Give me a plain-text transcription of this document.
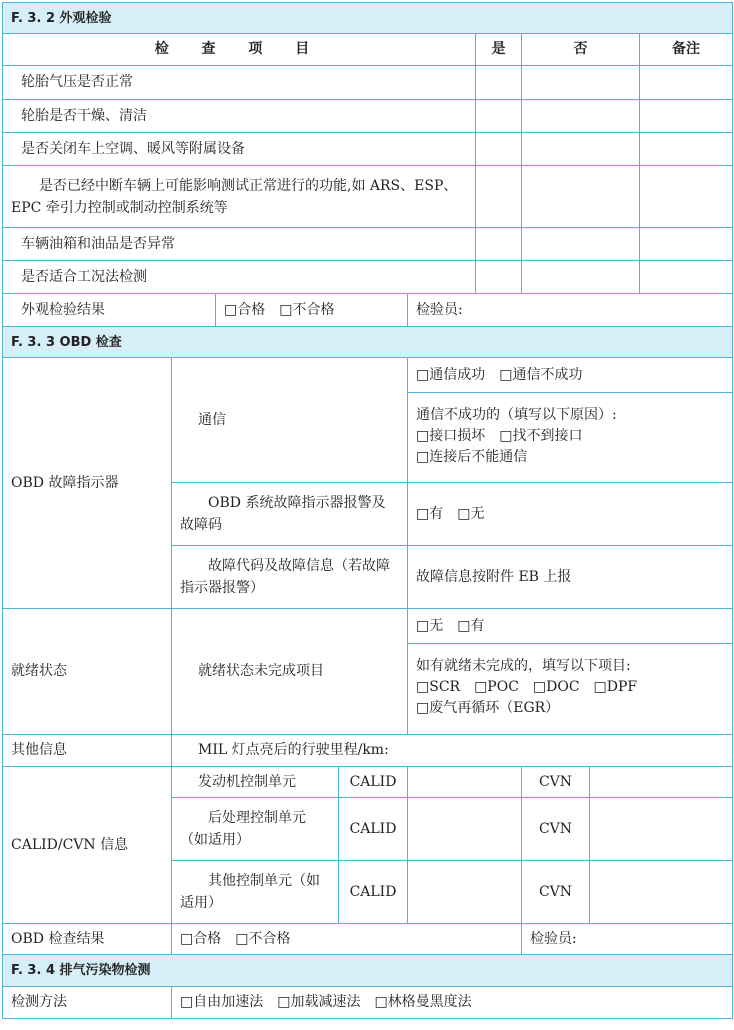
F. 3. 2 外观检验								
检 查 项 目					是	否		备注
轮胎气压是否正常								
轮胎是否干燥、清洁								
是否关闭车上空调、暖风等附属设备								
是否已经中断车辆上可能影响测试正常进行的功能,如 ARS、ESP、EPC 牵引力控制或制动控制系统等								
车辆油箱和油品是否异常								
是否适合工况法检测								
外观检验结果		□合格　□不合格		检验员:				
F. 3. 3 OBD 检查								
OBD 故障指示器	通信			□通信成功　□通信不成功
通信不成功的（填写以下原因）:
□接口损坏　□找不到接口
□连接后不能通信				

	OBD 系统故障指示器报警及故障码			□有　□无				
	故障代码及故障信息（若故障指示器报警）			故障信息按附件 EB 上报				
就绪状态	就绪状态未完成项目			□无　□有
如有就绪未完成的，填写以下项目:
□SCR　□POC　□DOC　□DPF
□废气再循环（EGR）				

其他信息	MIL 灯点亮后的行驶里程/km:							
CALID/CVN 信息	发动机控制单元		CALID			CVN		
	后处理控制单元（如适用）		CALID			CVN		
	其他控制单元（如适用）		CALID			CVN		
OBD 检查结果	□合格　□不合格					检验员:		
F. 3. 4 排气污染物检测								
检测方法	□自由加速法　□加载减速法　□林格曼黑度法							
